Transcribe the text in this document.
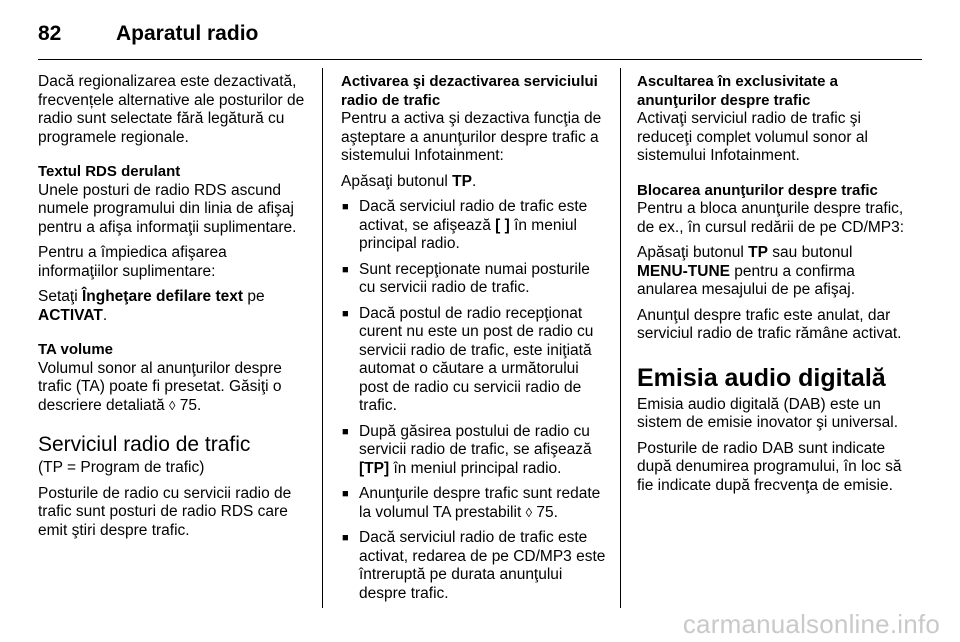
82	Aparatul radio

Dacă regionalizarea este dezactivată, frecvențele alternative ale posturilor de radio sunt selectate fără legătură cu programele regionale.

Textul RDS derulant

Unele posturi de radio RDS ascund numele programului din linia de afişaj pentru a afişa informaţii suplimentare.

Pentru a împiedica afişarea informaţiilor suplimentare:

Setaţi Îngheţare defilare text pe
ACTIVAT.

TA volume

Volumul sonor al anunţurilor despre trafic (TA) poate fi presetat. Găsiţi o descriere detaliată ◊ 75.

Serviciul radio de trafic

(TP = Program de trafic)

Posturile de radio cu servicii radio de trafic sunt posturi de radio RDS care emit ştiri despre trafic.

Activarea şi dezactivarea serviciului radio de trafic

Pentru a activa şi dezactiva funcţia de aşteptare a anunţurilor despre trafic a sistemului Infotainment:

Apăsaţi butonul TP.

■ Dacă serviciul radio de trafic este activat, se afişează [ ] în meniul principal radio.
■ Sunt recepţionate numai posturile cu servicii radio de trafic.
■ Dacă postul de radio recepţionat curent nu este un post de radio cu servicii radio de trafic, este iniţiată automat o căutare a următorului post de radio cu servicii radio de trafic.
■ După găsirea postului de radio cu servicii radio de trafic, se afişează [TP] în meniul principal radio.
■ Anunţurile despre trafic sunt redate la volumul TA prestabilit ◊ 75.
■ Dacă serviciul radio de trafic este activat, redarea de pe CD/MP3 este întreruptă pe durata anunţului despre trafic.
Ascultarea în exclusivitate a anunţurilor despre trafic

Activaţi serviciul radio de trafic şi reduceţi complet volumul sonor al sistemului Infotainment.

Blocarea anunţurilor despre trafic

Pentru a bloca anunţurile despre trafic, de ex., în cursul redării de pe CD/MP3:

Apăsaţi butonul TP sau butonul
MENU-TUNE pentru a confirma anularea mesajului de pe afişaj.

Anunţul despre trafic este anulat, dar serviciul radio de trafic rămâne activat.

Emisia audio digitală

Emisia audio digitală (DAB) este un sistem de emisie inovator şi universal.

Posturile de radio DAB sunt indicate după denumirea programului, în loc să fie indicate după frecvenţa de emisie.

carmanualsonline.info
